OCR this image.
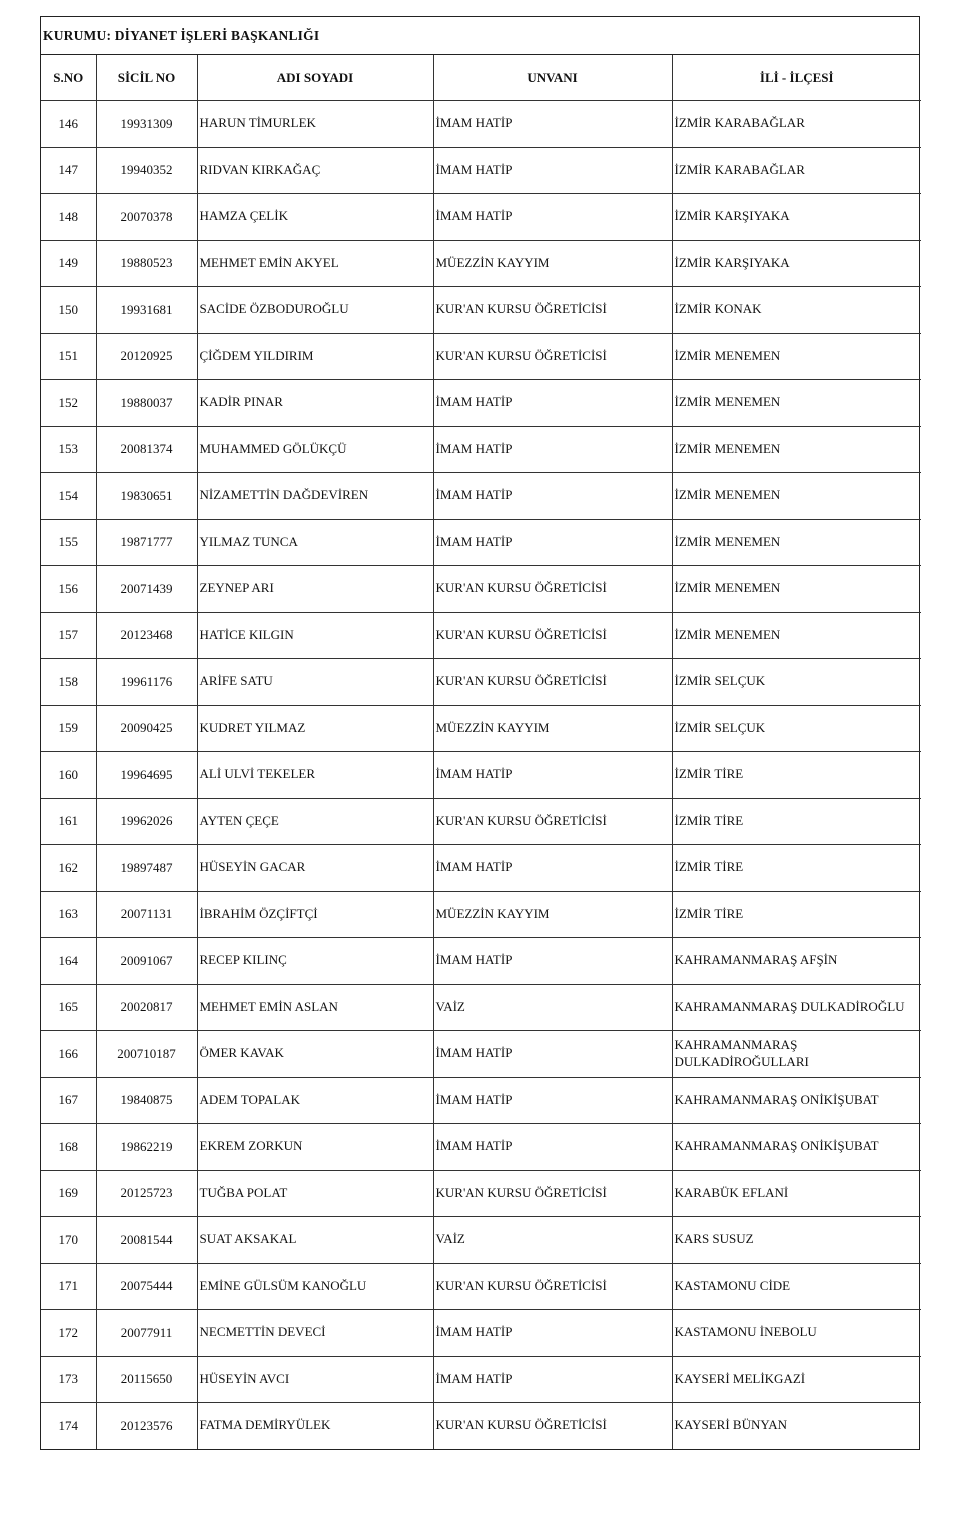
KURUMU: DİYANET İŞLERİ BAŞKANLIĞI
S.NO	SİCİL NO	ADI SOYADI	UNVANI	İLİ - İLÇESİ
146	19931309	HARUN TİMURLEK	İMAM HATİP	İZMİR KARABAĞLAR
147	19940352	RIDVAN KIRKAĞAÇ	İMAM HATİP	İZMİR KARABAĞLAR
148	20070378	HAMZA ÇELİK	İMAM HATİP	İZMİR KARŞIYAKA
149	19880523	MEHMET EMİN AKYEL	MÜEZZİN KAYYIM	İZMİR KARŞIYAKA
150	19931681	SACİDE ÖZBODUROĞLU	KUR'AN KURSU ÖĞRETİCİSİ	İZMİR KONAK
151	20120925	ÇİĞDEM YILDIRIM	KUR'AN KURSU ÖĞRETİCİSİ	İZMİR MENEMEN
152	19880037	KADİR PINAR	İMAM HATİP	İZMİR MENEMEN
153	20081374	MUHAMMED GÖLÜKÇÜ	İMAM HATİP	İZMİR MENEMEN
154	19830651	NİZAMETTİN DAĞDEVİREN	İMAM HATİP	İZMİR MENEMEN
155	19871777	YILMAZ TUNCA	İMAM HATİP	İZMİR MENEMEN
156	20071439	ZEYNEP ARI	KUR'AN KURSU ÖĞRETİCİSİ	İZMİR MENEMEN
157	20123468	HATİCE KILGIN	KUR'AN KURSU ÖĞRETİCİSİ	İZMİR MENEMEN
158	19961176	ARİFE SATU	KUR'AN KURSU ÖĞRETİCİSİ	İZMİR SELÇUK
159	20090425	KUDRET YILMAZ	MÜEZZİN KAYYIM	İZMİR SELÇUK
160	19964695	ALİ ULVİ TEKELER	İMAM HATİP	İZMİR TİRE
161	19962026	AYTEN ÇEÇE	KUR'AN KURSU ÖĞRETİCİSİ	İZMİR TİRE
162	19897487	HÜSEYİN GACAR	İMAM HATİP	İZMİR TİRE
163	20071131	İBRAHİM ÖZÇİFTÇİ	MÜEZZİN KAYYIM	İZMİR TİRE
164	20091067	RECEP KILINÇ	İMAM HATİP	KAHRAMANMARAŞ AFŞİN
165	20020817	MEHMET EMİN ASLAN	VAİZ	KAHRAMANMARAŞ DULKADİROĞLU
166	200710187	ÖMER KAVAK	İMAM HATİP	KAHRAMANMARAŞ DULKADİROĞULLARI
167	19840875	ADEM TOPALAK	İMAM HATİP	KAHRAMANMARAŞ ONİKİŞUBAT
168	19862219	EKREM ZORKUN	İMAM HATİP	KAHRAMANMARAŞ ONİKİŞUBAT
169	20125723	TUĞBA POLAT	KUR'AN KURSU ÖĞRETİCİSİ	KARABÜK EFLANİ
170	20081544	SUAT AKSAKAL	VAİZ	KARS SUSUZ
171	20075444	EMİNE GÜLSÜM KANOĞLU	KUR'AN KURSU ÖĞRETİCİSİ	KASTAMONU CİDE
172	20077911	NECMETTİN DEVECİ	İMAM HATİP	KASTAMONU İNEBOLU
173	20115650	HÜSEYİN AVCI	İMAM HATİP	KAYSERİ MELİKGAZİ
174	20123576	FATMA DEMİRYÜLEK	KUR'AN KURSU ÖĞRETİCİSİ	KAYSERİ BÜNYAN
